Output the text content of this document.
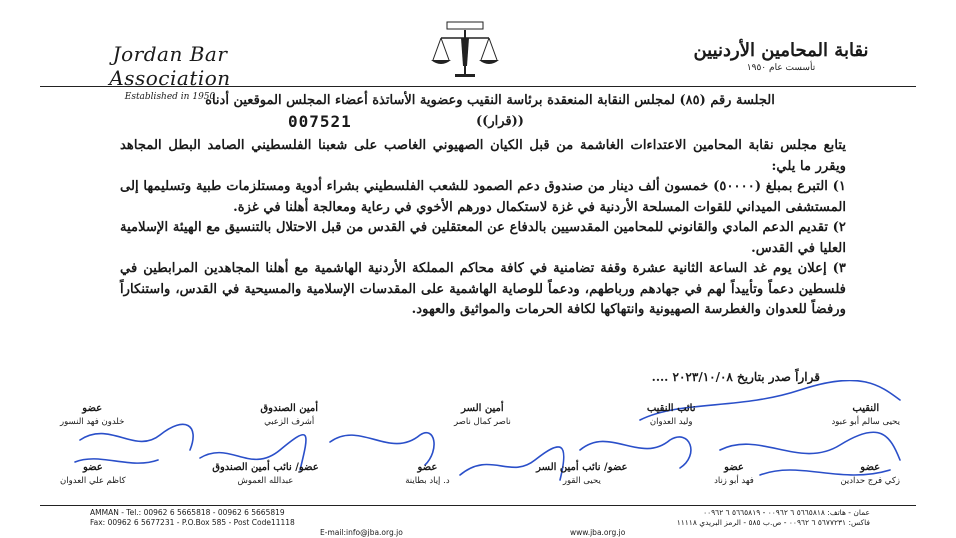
Jordan Bar Association
Established in 1950
نقابة المحامين الأردنيين
تأسست عام ١٩٥٠
الجلسة رقم (٨٥) لمجلس النقابة المنعقدة برئاسة النقيب وعضوية الأساتذة أعضاء المجلس الموقعين أدناه
007521	((قرار))

يتابع مجلس نقابة المحامين الاعتداءات الغاشمة من قبل الكيان الصهيوني الغاصب على شعبنا الفلسطيني الصامد البطل المجاهد ويقرر ما يلي:

١) التبرع بمبلغ (٥٠٠٠٠) خمسون ألف دينار من صندوق دعم الصمود للشعب الفلسطيني بشراء أدوية ومستلزمات طبية وتسليمها إلى المستشفى الميداني للقوات المسلحة الأردنية في غزة لاستكمال دورهم الأخوي في رعاية ومعالجة أهلنا في غزة.

٢) تقديم الدعم المادي والقانوني للمحامين المقدسيين بالدفاع عن المعتقلين في القدس من قبل الاحتلال بالتنسيق مع الهيئة الإسلامية العليا في القدس.

٣) إعلان يوم غد الساعة الثانية عشرة وقفة تضامنية في كافة محاكم المملكة الأردنية الهاشمية مع أهلنا المجاهدين المرابطين في فلسطين دعماً وتأييداً لهم في جهادهم ورباطهم، ودعماً للوصاية الهاشمية على المقدسات الإسلامية والمسيحية في القدس، واستنكاراً ورفضاً للعدوان والغطرسة الصهيونية وانتهاكها لكافة الحرمات والمواثيق والعهود.

قراراً صدر بتاريخ ٢٠٢٣/١٠/٠٨ ....
النقيب
يحيى سالم أبو عبود
نائب النقيب
وليد العدوان
أمين السر
ناصر كمال ناصر
أمين الصندوق
أشرف الزعبي
عضو
خلدون فهد النسور
عضو
زكي فرج حدادين
عضو
فهد أبو زناد
عضو/ نائب أمين السر
يحيى القور
عضو
د. إياد بطاينة
عضو/ نائب أمين الصندوق
عبدالله العموش
عضو
كاظم علي العدوان
AMMAN - Tel.: 00962 6 5665818 - 00962 6 5665819
Fax: 00962 6 5677231 - P.O.Box 585 - Post Code11118
E-mail:info@jba.org.jo	www.jba.org.jo
عمان - هاتف: ٥٦٦٥٨١٨ ٦ ٠٠٩٦٢ - ٥٦٦٥٨١٩ ٦ ٠٠٩٦٢
فاكس: ٥٦٧٧٢٣١ ٦ ٠٠٩٦٢ - ص.ب ٥٨٥ - الرمز البريدي ١١١١٨
